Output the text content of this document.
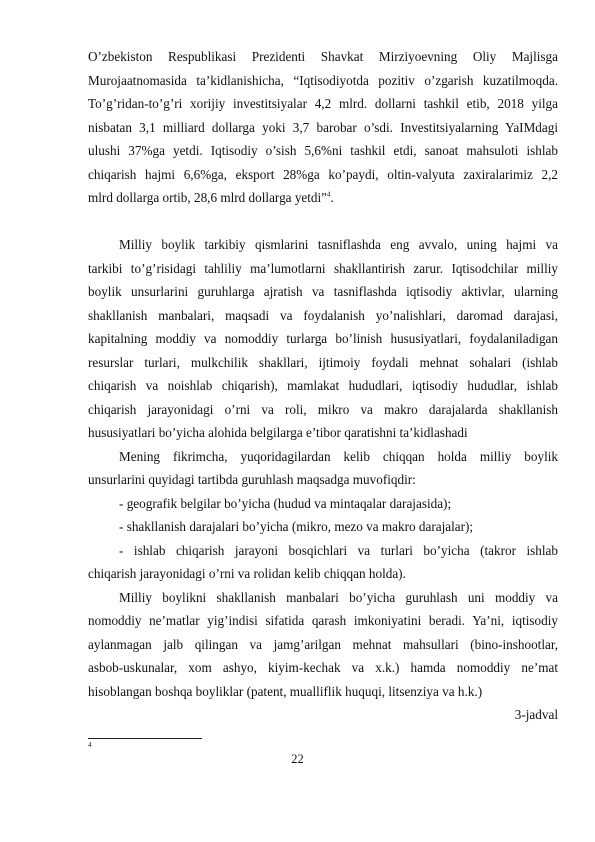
O’zbekiston Respublikasi Prezidenti Shavkat Mirziyoevning Oliy Majlisga
Murojaatnomasida ta’kidlanishicha, “Iqtisodiyotda pozitiv o’zgarish kuzatilmoqda.
To’g’ridan-to’g’ri xorijiy investitsiyalar 4,2 mlrd. dollarni tashkil etib, 2018 yilga
nisbatan 3,1 milliard dollarga yoki 3,7 barobar o’sdi. Investitsiyalarning YaIMdagi
ulushi 37%ga yetdi. Iqtisodiy o’sish 5,6%ni tashkil etdi, sanoat mahsuloti ishlab
chiqarish hajmi 6,6%ga, eksport 28%ga ko’paydi, oltin-valyuta zaxiralarimiz 2,2
mlrd dollarga ortib, 28,6 mlrd dollarga yetdi”$^4$.
Milliy boylik tarkibiy qismlarini tasniflashda eng avvalo, uning hajmi va
tarkibi to’g’risidagi tahliliy ma’lumotlarni shakllantirish zarur. Iqtisodchilar milliy
boylik unsurlarini guruhlarga ajratish va tasniflashda iqtisodiy aktivlar, ularning
shakllanish manbalari, maqsadi va foydalanish yo’nalishlari, daromad darajasi,
kapitalning moddiy va nomoddiy turlarga bo’linish hususiyatlari, foydalaniladigan
resurslar turlari, mulkchilik shakllari, ijtimoiy foydali mehnat sohalari (ishlab
chiqarish va noishlab chiqarish), mamlakat hududlari, iqtisodiy hududlar, ishlab
chiqarish jarayonidagi o’rni va roli, mikro va makro darajalarda shakllanish
hususiyatlari bo’yicha alohida belgilarga e’tibor qaratishni ta’kidlashadi
Mening fikrimcha, yuqoridagilardan kelib chiqqan holda milliy boylik
unsurlarini quyidagi tartibda guruhlash maqsadga muvofiqdir:
- geografik belgilar bo’yicha (hudud va mintaqalar darajasida);
- shakllanish darajalari bo’yicha (mikro, mezo va makro darajalar);
- ishlab chiqarish jarayoni bosqichlari va turlari bo’yicha (takror ishlab
chiqarish jarayonidagi o’rni va rolidan kelib chiqqan holda).
Milliy boylikni shakllanish manbalari bo’yicha guruhlash uni moddiy va
nomoddiy ne’matlar yig’indisi sifatida qarash imkoniyatini beradi. Ya’ni, iqtisodiy
aylanmagan jalb qilingan va jamg’arilgan mehnat mahsullari (bino-inshootlar,
asbob-uskunalar, xom ashyo, kiyim-kechak va x.k.) hamda nomoddiy ne’mat
hisoblangan boshqa boyliklar (patent, mualliflik huquqi, litsenziya va h.k.)
3-jadval
4
22
